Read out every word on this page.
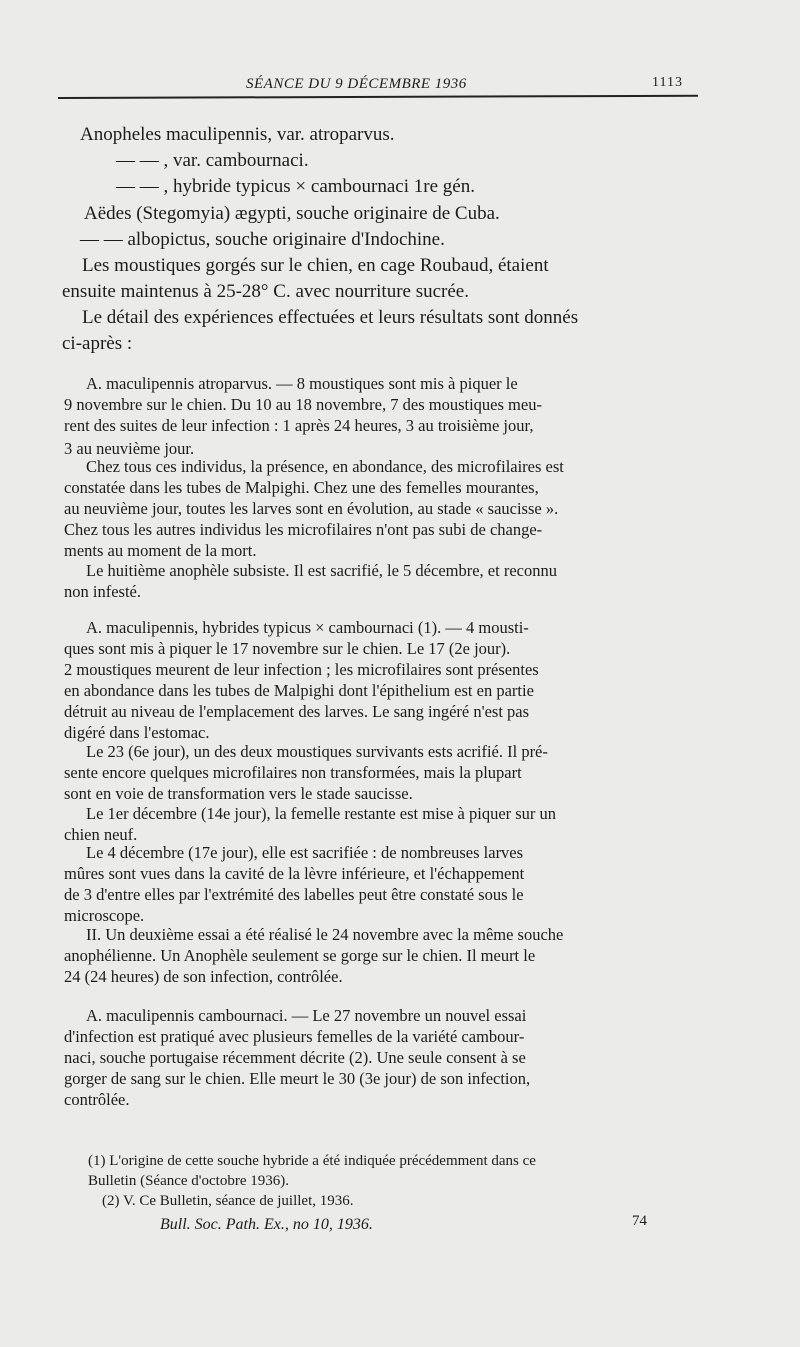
SÉANCE DU 9 DÉCEMBRE 1936	1113
Anopheles maculipennis, var. atroparvus.
— — , var. cambournaci.
— — , hybride typicus × cambournaci 1re gén.
Aëdes (Stegomyia) ægypti, souche originaire de Cuba.
— — albopictus, souche originaire d'Indochine.
Les moustiques gorgés sur le chien, en cage Roubaud, étaient
ensuite maintenus à 25-28° C. avec nourriture sucrée.
Le détail des expériences effectuées et leurs résultats sont donnés
ci-après :
A. maculipennis atroparvus. — 8 moustiques sont mis à piquer le
9 novembre sur le chien. Du 10 au 18 novembre, 7 des moustiques meu-
rent des suites de leur infection : 1 après 24 heures, 3 au troisième jour,
3 au neuvième jour.
Chez tous ces individus, la présence, en abondance, des microfilaires est
constatée dans les tubes de Malpighi. Chez une des femelles mourantes,
au neuvième jour, toutes les larves sont en évolution, au stade « saucisse ».
Chez tous les autres individus les microfilaires n'ont pas subi de change-
ments au moment de la mort.
Le huitième anophèle subsiste. Il est sacrifié, le 5 décembre, et reconnu
non infesté.
A. maculipennis, hybrides typicus × cambournaci (1). — 4 mousti-
ques sont mis à piquer le 17 novembre sur le chien. Le 17 (2e jour).
2 moustiques meurent de leur infection ; les microfilaires sont présentes
en abondance dans les tubes de Malpighi dont l'épithelium est en partie
détruit au niveau de l'emplacement des larves. Le sang ingéré n'est pas
digéré dans l'estomac.
Le 23 (6e jour), un des deux moustiques survivants ests acrifié. Il pré-
sente encore quelques microfilaires non transformées, mais la plupart
sont en voie de transformation vers le stade saucisse.
Le 1er décembre (14e jour), la femelle restante est mise à piquer sur un
chien neuf.
Le 4 décembre (17e jour), elle est sacrifiée : de nombreuses larves
mûres sont vues dans la cavité de la lèvre inférieure, et l'échappement
de 3 d'entre elles par l'extrémité des labelles peut être constaté sous le
microscope.
II. Un deuxième essai a été réalisé le 24 novembre avec la même souche
anophélienne. Un Anophèle seulement se gorge sur le chien. Il meurt le
24 (24 heures) de son infection, contrôlée.
A. maculipennis cambournaci. — Le 27 novembre un nouvel essai
d'infection est pratiqué avec plusieurs femelles de la variété cambour-
naci, souche portugaise récemment décrite (2). Une seule consent à se
gorger de sang sur le chien. Elle meurt le 30 (3e jour) de son infection,
contrôlée.
(1) L'origine de cette souche hybride a été indiquée précédemment dans ce
Bulletin (Séance d'octobre 1936).
(2) V. Ce Bulletin, séance de juillet, 1936.
Bull. Soc. Path. Ex., no 10, 1936.	74
